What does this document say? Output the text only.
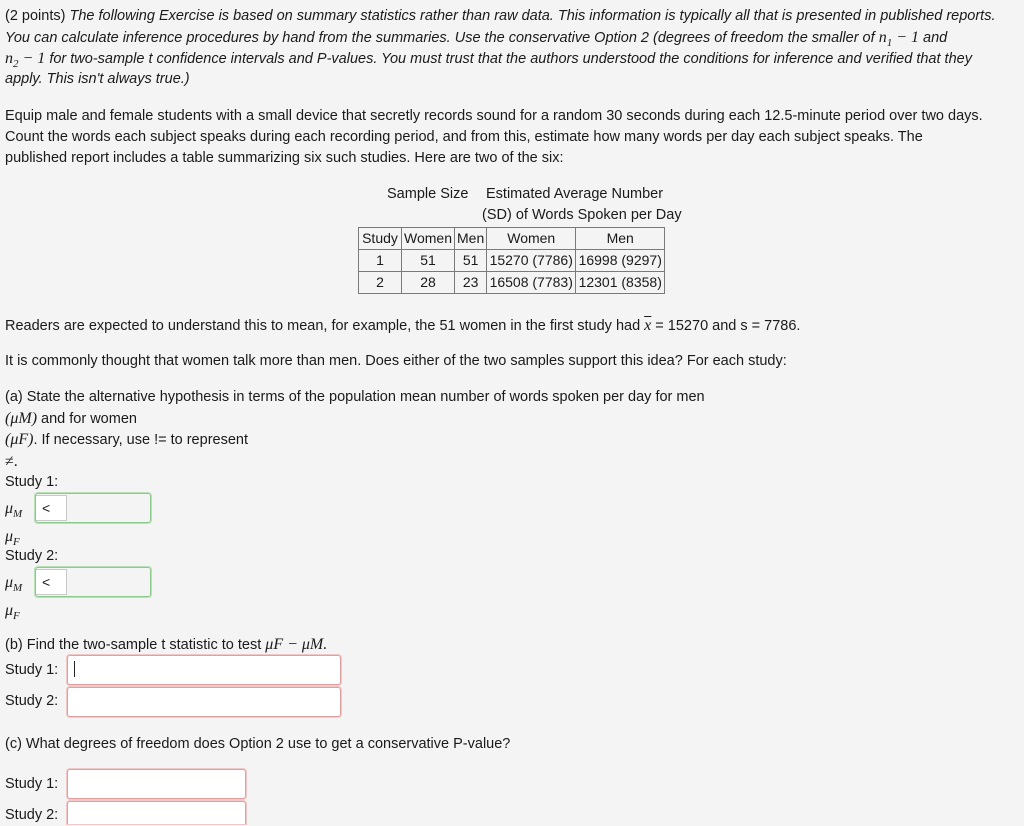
(2 points) The following Exercise is based on summary statistics rather than raw data. This information is typically all that is presented in published reports.
You can calculate inference procedures by hand from the summaries. Use the conservative Option 2 (degrees of freedom the smaller of $n_1 - 1$ and
$n_2 - 1$ for two-sample t confidence intervals and P-values. You must trust that the authors understood the conditions for inference and verified that they
apply. This isn't always true.)
Equip male and female students with a small device that secretly records sound for a random 30 seconds during each 12.5-minute period over two days.
Count the words each subject speaks during each recording period, and from this, estimate how many words per day each subject speaks. The
published report includes a table summarizing six such studies. Here are two of the six:
Sample Size Estimated Average Number
(SD) of Words Spoken per Day
Study	Women	Men	Women	Men
1	51	51	15270 (7786)	16998 (9297)
2	28	23	16508 (7783)	12301 (8358)
Readers are expected to understand this to mean, for example, the 51 women in the first study had $\overline{x} = 15270$ and s = 7786.
It is commonly thought that women talk more than men. Does either of the two samples support this idea? For each study:
(a) State the alternative hypothesis in terms of the population mean number of words spoken per day for men
(μM) and for women
(μF). If necessary, use != to represent
≠.
Study 1:
$\mu_M$	<
$\mu_F$
Study 2:
$\mu_M$	<
$\mu_F$
(b) Find the two-sample t statistic to test μF − μM.
Study 1:
Study 2:
(c) What degrees of freedom does Option 2 use to get a conservative P-value?
Study 1:
Study 2:
